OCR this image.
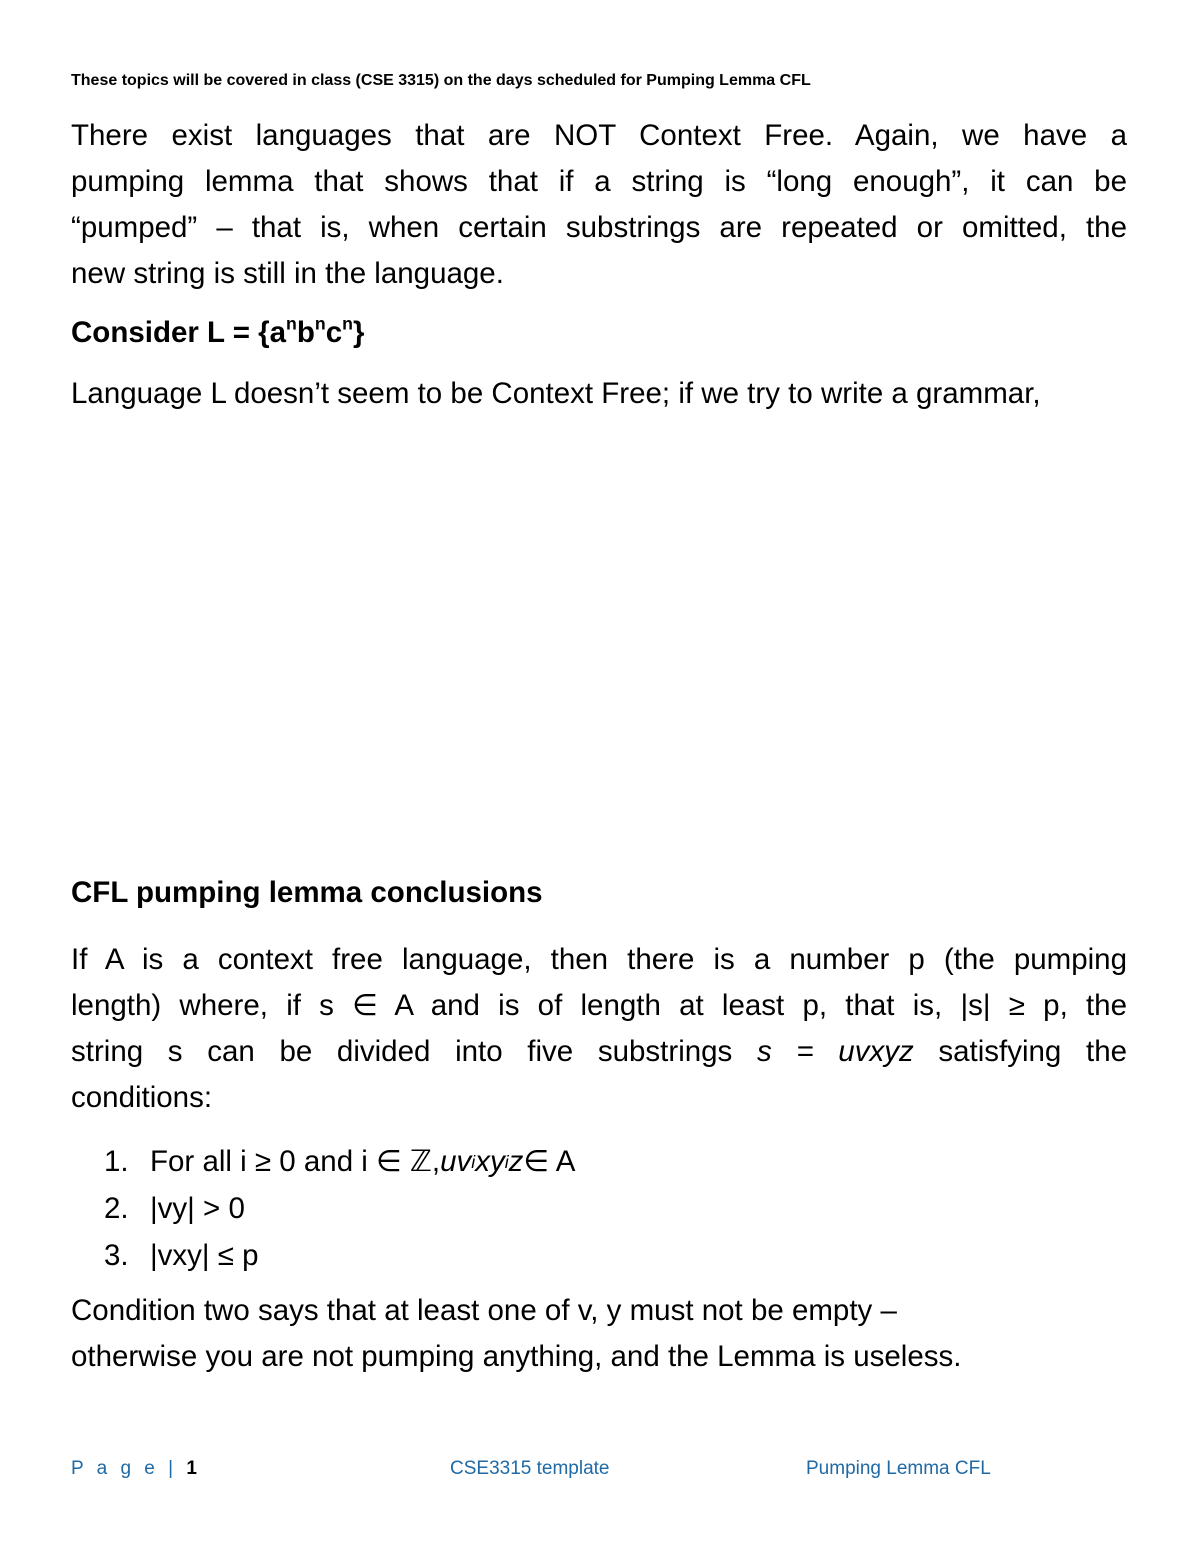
These topics will be covered in class (CSE 3315) on the days scheduled for Pumping Lemma CFL
There exist languages that are NOT Context Free. Again, we have a
pumping lemma that shows that if a string is “long enough”, it can be
“pumped” – that is, when certain substrings are repeated or omitted, the
new string is still in the language.
Consider $L = \{a^nb^nc^n\}$
Language L doesn’t seem to be Context Free; if we try to write a grammar,
CFL pumping lemma conclusions
If A is a context free language, then there is a number p (the pumping
length) where, if s ∈ A and is of length at least p, that is, |s| ≥ p, the
string s can be divided into five substrings s = uvxyz satisfying the
conditions:
1. For all i ≥ 0 and i ∈ ℤ, uv i xy i z ∈ A
2. |vy| > 0
3. |vxy| ≤ p
Condition two says that at least one of v, y must not be empty –
otherwise you are not pumping anything, and the Lemma is useless.
P a g e | 1	CSE3315 template	Pumping Lemma CFL
